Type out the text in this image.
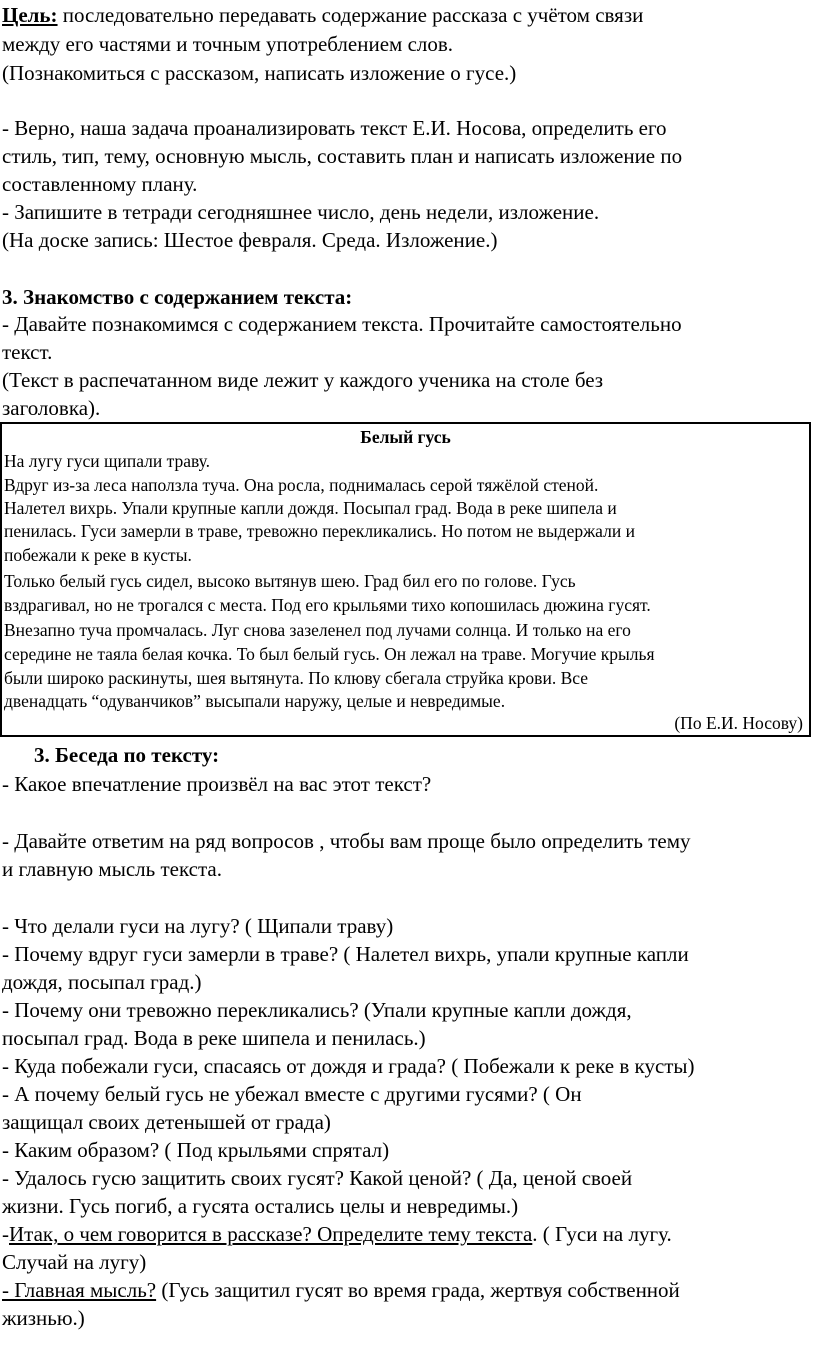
Цель: последовательно передавать содержание рассказа с учётом связи
между его частями и точным употреблением слов.
(Познакомиться с рассказом, написать изложение о гусе.)
- Верно, наша задача проанализировать текст Е.И. Носова, определить его
стиль, тип, тему, основную мысль, составить план и написать изложение по
составленному плану.
- Запишите в тетради сегодняшнее число, день недели, изложение.
(На доске запись: Шестое февраля. Среда. Изложение.)
3. Знакомство с содержанием текста:
- Давайте познакомимся с содержанием текста. Прочитайте самостоятельно
текст.
(Текст в распечатанном виде лежит у каждого ученика на столе без
заголовка).
Белый гусь
На лугу гуси щипали траву.
Вдруг из-за леса наползла туча. Она росла, поднималась серой тяжёлой стеной.
Налетел вихрь. Упали крупные капли дождя. Посыпал град. Вода в реке шипела и
пенилась. Гуси замерли в траве, тревожно перекликались. Но потом не выдержали и
побежали к реке в кусты.
Только белый гусь сидел, высоко вытянув шею. Град бил его по голове. Гусь
вздрагивал, но не трогался с места. Под его крыльями тихо копошилась дюжина гусят.
Внезапно туча промчалась. Луг снова зазеленел под лучами солнца. И только на его
середине не таяла белая кочка. То был белый гусь. Он лежал на траве. Могучие крылья
были широко раскинуты, шея вытянута. По клюву сбегала струйка крови. Все
двенадцать “одуванчиков” высыпали наружу, целые и невредимые.
(По Е.И. Носову)
3. Беседа по тексту:
- Какое впечатление произвёл на вас этот текст?
- Давайте ответим на ряд вопросов , чтобы вам проще было определить тему
и главную мысль текста.
- Что делали гуси на лугу? ( Щипали траву)
- Почему вдруг гуси замерли в траве? ( Налетел вихрь, упали крупные капли
дождя, посыпал град.)
- Почему они тревожно перекликались? (Упали крупные капли дождя,
посыпал град. Вода в реке шипела и пенилась.)
- Куда побежали гуси, спасаясь от дождя и града? ( Побежали к реке в кусты)
- А почему белый гусь не убежал вместе с другими гусями? ( Он
защищал своих детенышей от града)
- Каким образом? ( Под крыльями спрятал)
- Удалось гусю защитить своих гусят? Какой ценой? ( Да, ценой своей
жизни. Гусь погиб, а гусята остались целы и невредимы.)
-Итак, о чем говорится в рассказе? Определите тему текста. ( Гуси на лугу.
Случай на лугу)
- Главная мысль? (Гусь защитил гусят во время града, жертвуя собственной
жизнью.)
